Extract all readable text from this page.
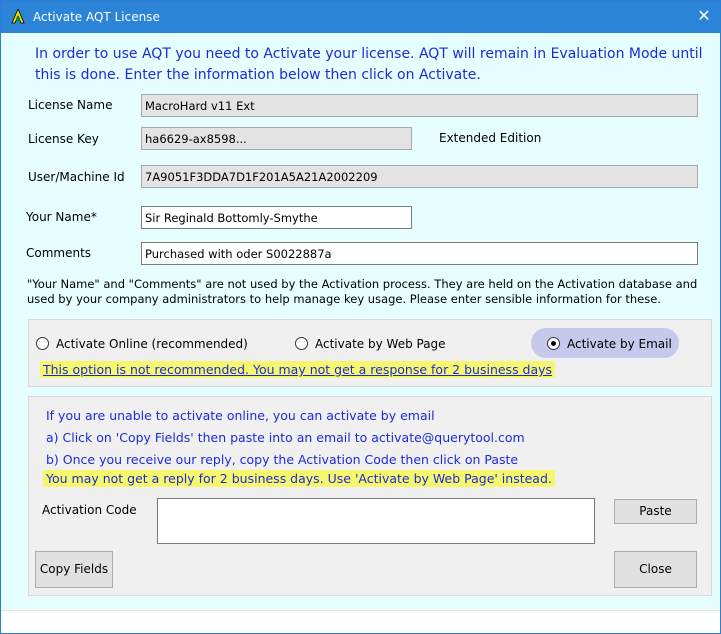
Activate AQT License	✕
In order to use AQT you need to Activate your license. AQT will remain in Evaluation Mode until this is done. Enter the information below then click on Activate.
License Name	MacroHard v11 Ext
License Key	ha6629-ax8598...	Extended Edition
User/Machine Id	7A9051F3DDA7D1F201A5A21A2002209
Your Name*	Sir Reginald Bottomly-Smythe
Comments	Purchased with oder S0022887a
"Your Name" and "Comments" are not used by the Activation process. They are held on the Activation database and used by your company administrators to help manage key usage. Please enter sensible information for these.
Activate Online (recommended)	Activate by Web Page	Activate by Email
This option is not recommended. You may not get a response for 2 business days
If you are unable to activate online, you can activate by email
a) Click on 'Copy Fields' then paste into an email to activate@querytool.com
b) Once you receive our reply, copy the Activation Code then click on Paste
You may not get a reply for 2 business days. Use 'Activate by Web Page' instead.
Activation Code	Paste
Copy Fields	Close
